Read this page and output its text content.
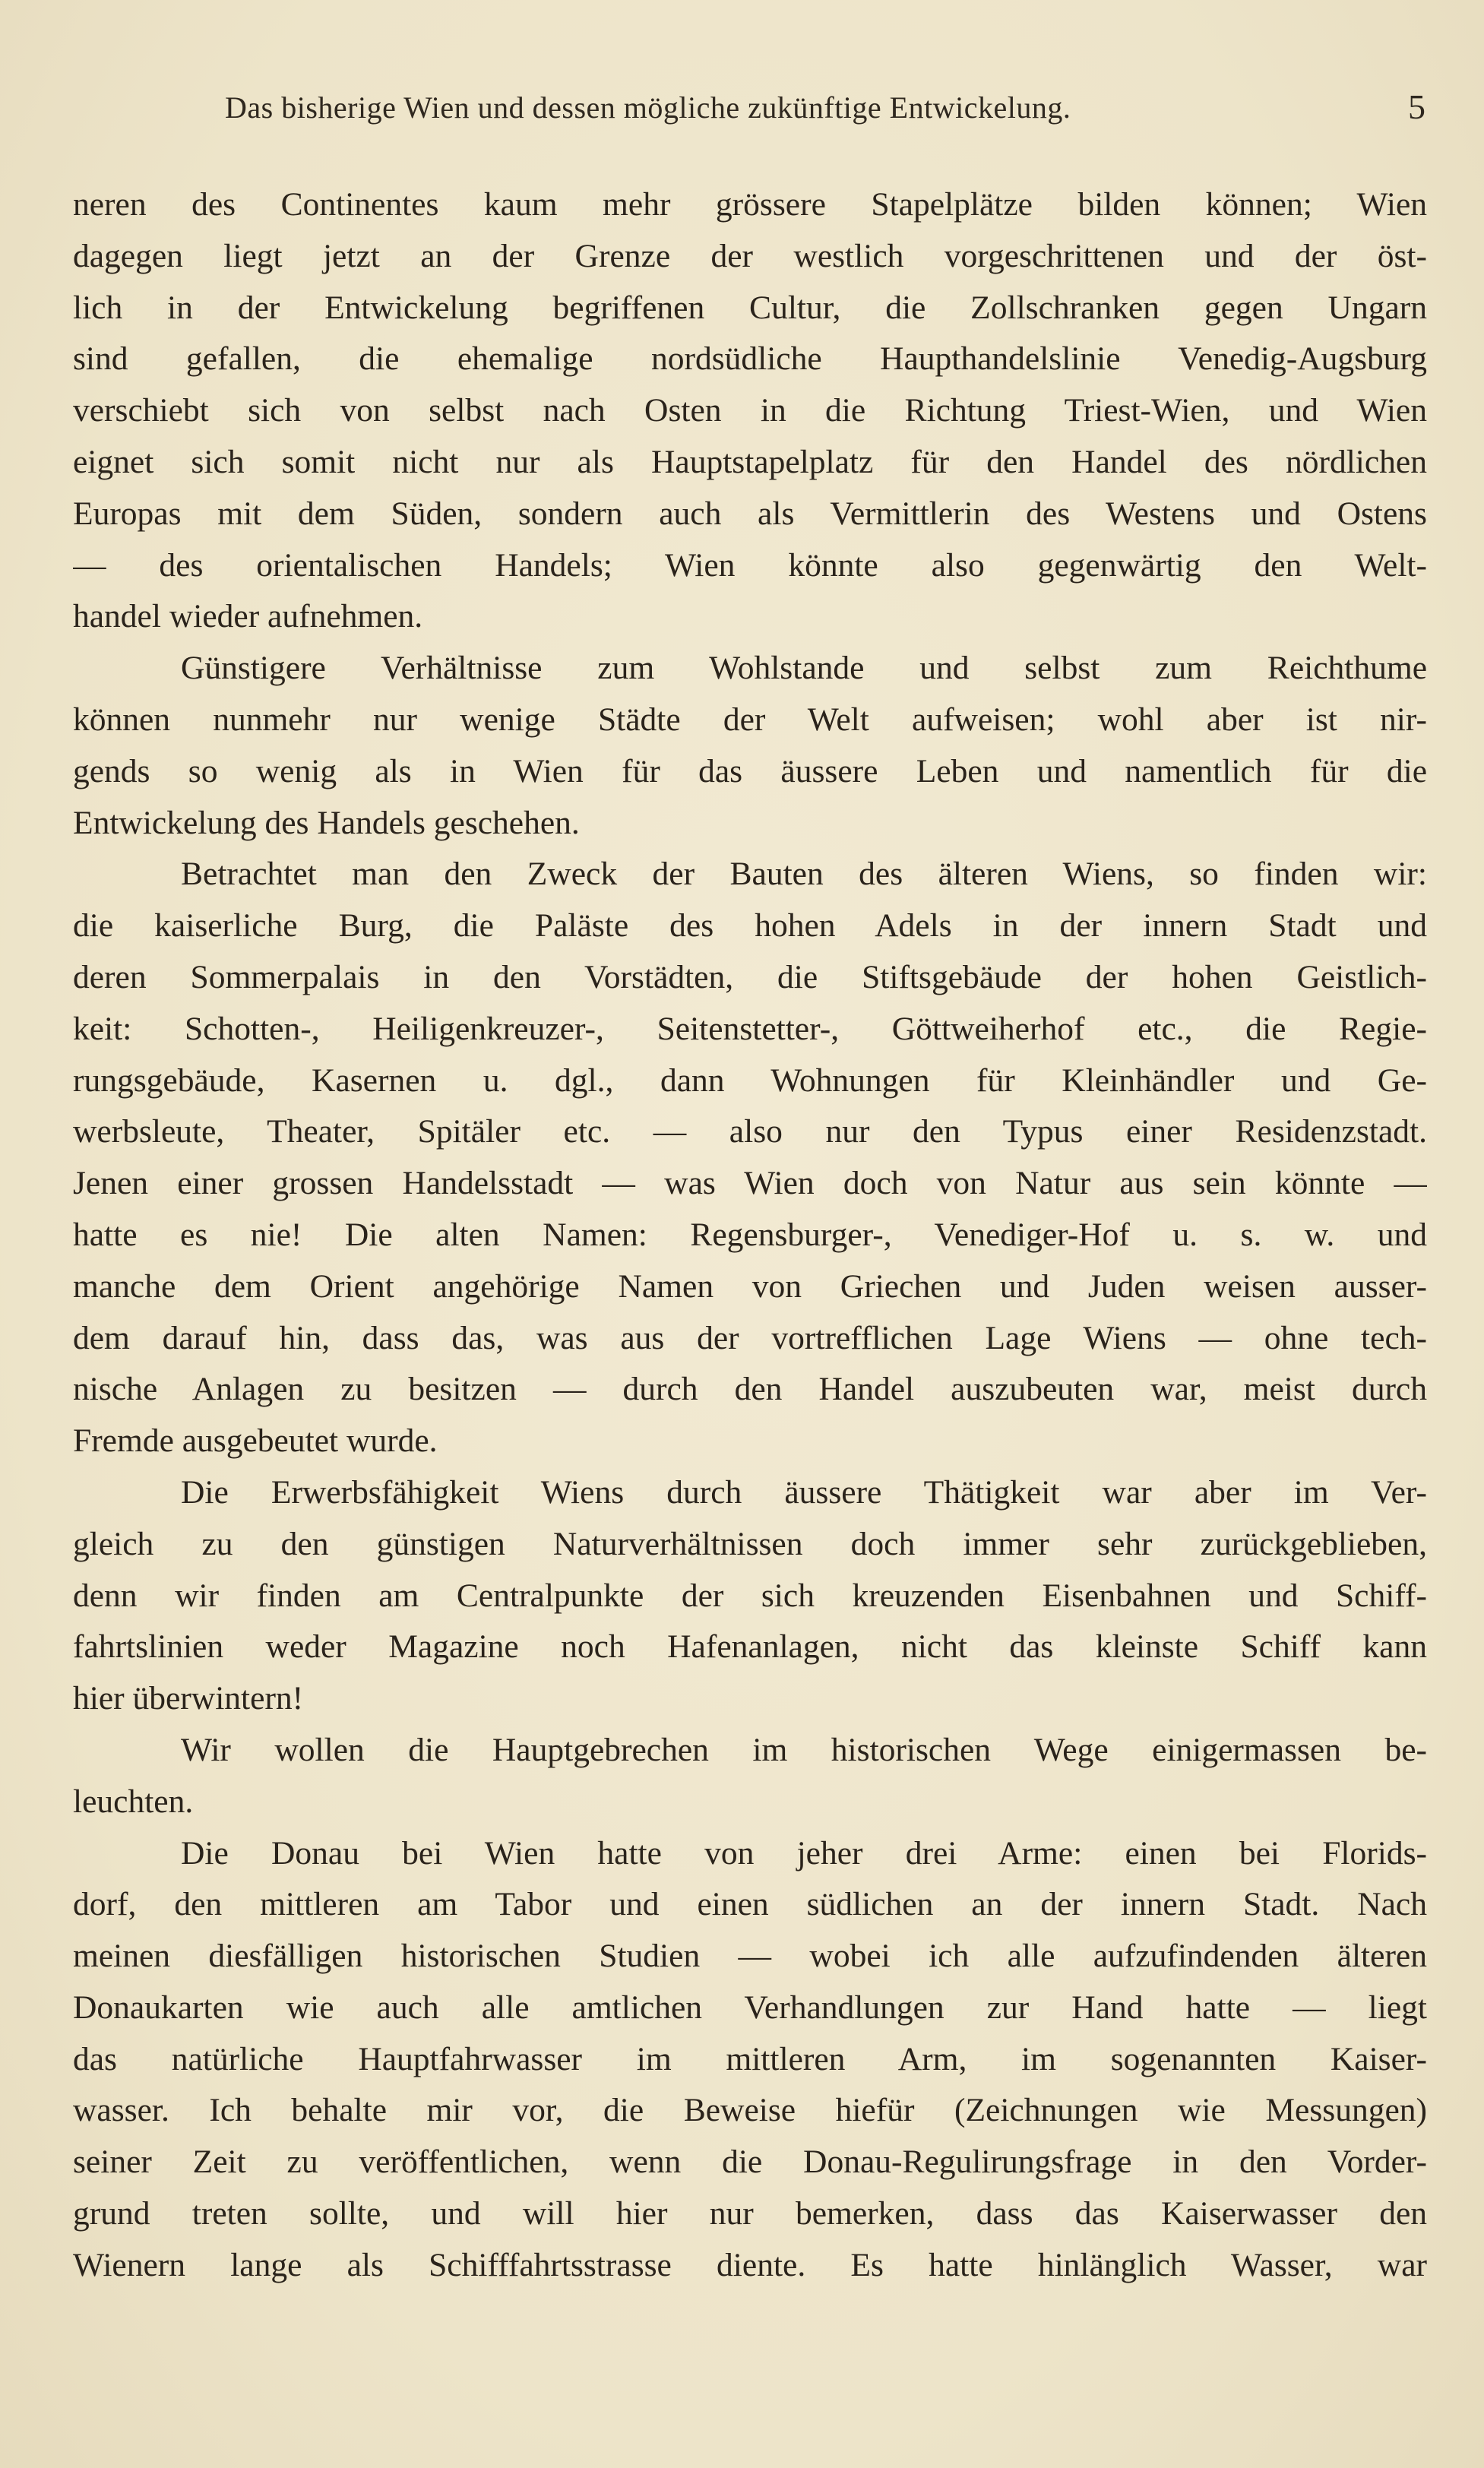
Das bisherige Wien und dessen mögliche zukünftige Entwickelung.	5
neren des Continentes kaum mehr grössere Stapelplätze bilden können; Wien
dagegen liegt jetzt an der Grenze der westlich vorgeschrittenen und der öst-
lich in der Entwickelung begriffenen Cultur, die Zollschranken gegen Ungarn
sind gefallen, die ehemalige nordsüdliche Haupthandelslinie Venedig-Augsburg
verschiebt sich von selbst nach Osten in die Richtung Triest-Wien, und Wien
eignet sich somit nicht nur als Hauptstapelplatz für den Handel des nördlichen
Europas mit dem Süden, sondern auch als Vermittlerin des Westens und Ostens
— des orientalischen Handels; Wien könnte also gegenwärtig den Welt-
handel wieder aufnehmen.
Günstigere Verhältnisse zum Wohlstande und selbst zum Reichthume
können nunmehr nur wenige Städte der Welt aufweisen; wohl aber ist nir-
gends so wenig als in Wien für das äussere Leben und namentlich für die
Entwickelung des Handels geschehen.
Betrachtet man den Zweck der Bauten des älteren Wiens, so finden wir:
die kaiserliche Burg, die Paläste des hohen Adels in der innern Stadt und
deren Sommerpalais in den Vorstädten, die Stiftsgebäude der hohen Geistlich-
keit: Schotten-, Heiligenkreuzer-, Seitenstetter-, Göttweiherhof etc., die Regie-
rungsgebäude, Kasernen u. dgl., dann Wohnungen für Kleinhändler und Ge-
werbsleute, Theater, Spitäler etc. — also nur den Typus einer Residenzstadt.
Jenen einer grossen Handelsstadt — was Wien doch von Natur aus sein könnte —
hatte es nie! Die alten Namen: Regensburger-, Venediger-Hof u. s. w. und
manche dem Orient angehörige Namen von Griechen und Juden weisen ausser-
dem darauf hin, dass das, was aus der vortrefflichen Lage Wiens — ohne tech-
nische Anlagen zu besitzen — durch den Handel auszubeuten war, meist durch
Fremde ausgebeutet wurde.
Die Erwerbsfähigkeit Wiens durch äussere Thätigkeit war aber im Ver-
gleich zu den günstigen Naturverhältnissen doch immer sehr zurückgeblieben,
denn wir finden am Centralpunkte der sich kreuzenden Eisenbahnen und Schiff-
fahrtslinien weder Magazine noch Hafenanlagen, nicht das kleinste Schiff kann
hier überwintern!
Wir wollen die Hauptgebrechen im historischen Wege einigermassen be-
leuchten.
Die Donau bei Wien hatte von jeher drei Arme: einen bei Florids-
dorf, den mittleren am Tabor und einen südlichen an der innern Stadt. Nach
meinen diesfälligen historischen Studien — wobei ich alle aufzufindenden älteren
Donaukarten wie auch alle amtlichen Verhandlungen zur Hand hatte — liegt
das natürliche Hauptfahrwasser im mittleren Arm, im sogenannten Kaiser-
wasser. Ich behalte mir vor, die Beweise hiefür (Zeichnungen wie Messungen)
seiner Zeit zu veröffentlichen, wenn die Donau-Regulirungsfrage in den Vorder-
grund treten sollte, und will hier nur bemerken, dass das Kaiserwasser den
Wienern lange als Schifffahrtsstrasse diente. Es hatte hinlänglich Wasser, war
